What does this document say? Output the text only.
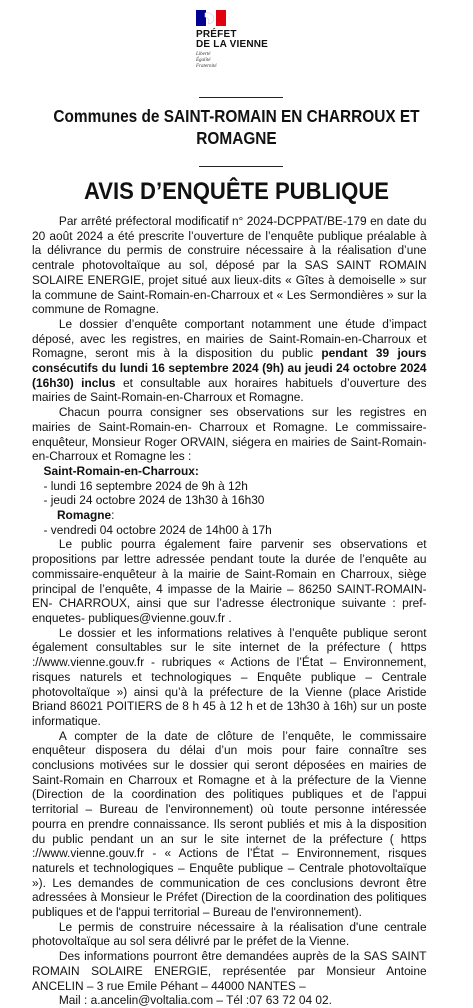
PRÉFET
DE LA VIENNE
Liberté
Égalité
Fraternité
Communes de SAINT-ROMAIN EN CHARROUX ET ROMAGNE
AVIS D’ENQUÊTE PUBLIQUE

Par arrêté préfectoral modificatif n° 2024-DCPPAT/BE-179 en date du 20 août 2024 a été prescrite l’ouverture de l’enquête publique préalable à la délivrance du permis de construire nécessaire à la réalisation d’une centrale photovoltaïque au sol, déposé par la SAS SAINT ROMAIN SOLAIRE ENERGIE, projet situé aux lieux-dits « Gîtes à demoiselle » sur la commune de Saint-Romain-en-Charroux et « Les Sermondières » sur la commune de Romagne.

Le dossier d’enquête comportant notamment une étude d’impact déposé, avec les registres, en mairies de Saint-Romain-en-Charroux et Romagne, seront mis à la disposition du public pendant 39 jours consécutifs du lundi 16 septembre 2024 (9h) au jeudi 24 octobre 2024 (16h30) inclus et consultable aux horaires habituels d’ouverture des mairies de Saint-Romain-en-Charroux et Romagne.

Chacun pourra consigner ses observations sur les registres en mairies de Saint-Romain-en- Charroux et Romagne. Le commissaire-enquêteur, Monsieur Roger ORVAIN, siégera en mairies de Saint-Romain-en-Charroux et Romagne les :

Saint-Romain-en-Charroux:

- lundi 16 septembre 2024 de 9h à 12h

- jeudi 24 octobre 2024 de 13h30 à 16h30

Romagne:

- vendredi 04 octobre 2024 de 14h00 à 17h

Le public pourra également faire parvenir ses observations et propositions par lettre adressée pendant toute la durée de l’enquête au commissaire-enquêteur à la mairie de Saint-Romain en Charroux, siège principal de l’enquête, 4 impasse de la Mairie – 86250 SAINT-ROMAIN-EN- CHARROUX, ainsi que sur l’adresse électronique suivante : pref-enquetes- publiques@vienne.gouv.fr .

Le dossier et les informations relatives à l’enquête publique seront également consultables sur le site internet de la préfecture ( https ://www.vienne.gouv.fr - rubriques « Actions de l’État – Environnement, risques naturels et technologiques – Enquête publique – Centrale photovoltaïque ») ainsi qu’à la préfecture de la Vienne (place Aristide Briand 86021 POITIERS de 8 h 45 à 12 h et de 13h30 à 16h) sur un poste informatique.

A compter de la date de clôture de l’enquête, le commissaire enquêteur disposera du délai d’un mois pour faire connaître ses conclusions motivées sur le dossier qui seront déposées en mairies de Saint-Romain en Charroux et Romagne et à la préfecture de la Vienne (Direction de la coordination des politiques publiques et de l'appui territorial – Bureau de l'environnement) où toute personne intéressée pourra en prendre connaissance. Ils seront publiés et mis à la disposition du public pendant un an sur le site internet de la préfecture ( https ://www.vienne.gouv.fr - « Actions de l’État – Environnement, risques naturels et technologiques – Enquête publique – Centrale photovoltaïque »). Les demandes de communication de ces conclusions devront être adressées à Monsieur le Préfet (Direction de la coordination des politiques publiques et de l'appui territorial – Bureau de l'environnement).

Le permis de construire nécessaire à la réalisation d'une centrale photovoltaïque au sol sera délivré par le préfet de la Vienne.

Des informations pourront être demandées auprès de la SAS SAINT ROMAIN SOLAIRE ENERGIE, représentée par Monsieur Antoine ANCELIN – 3 rue Emile Péhant – 44000 NANTES –

Mail : a.ancelin@voltalia.com – Tél :07 63 72 04 02.
